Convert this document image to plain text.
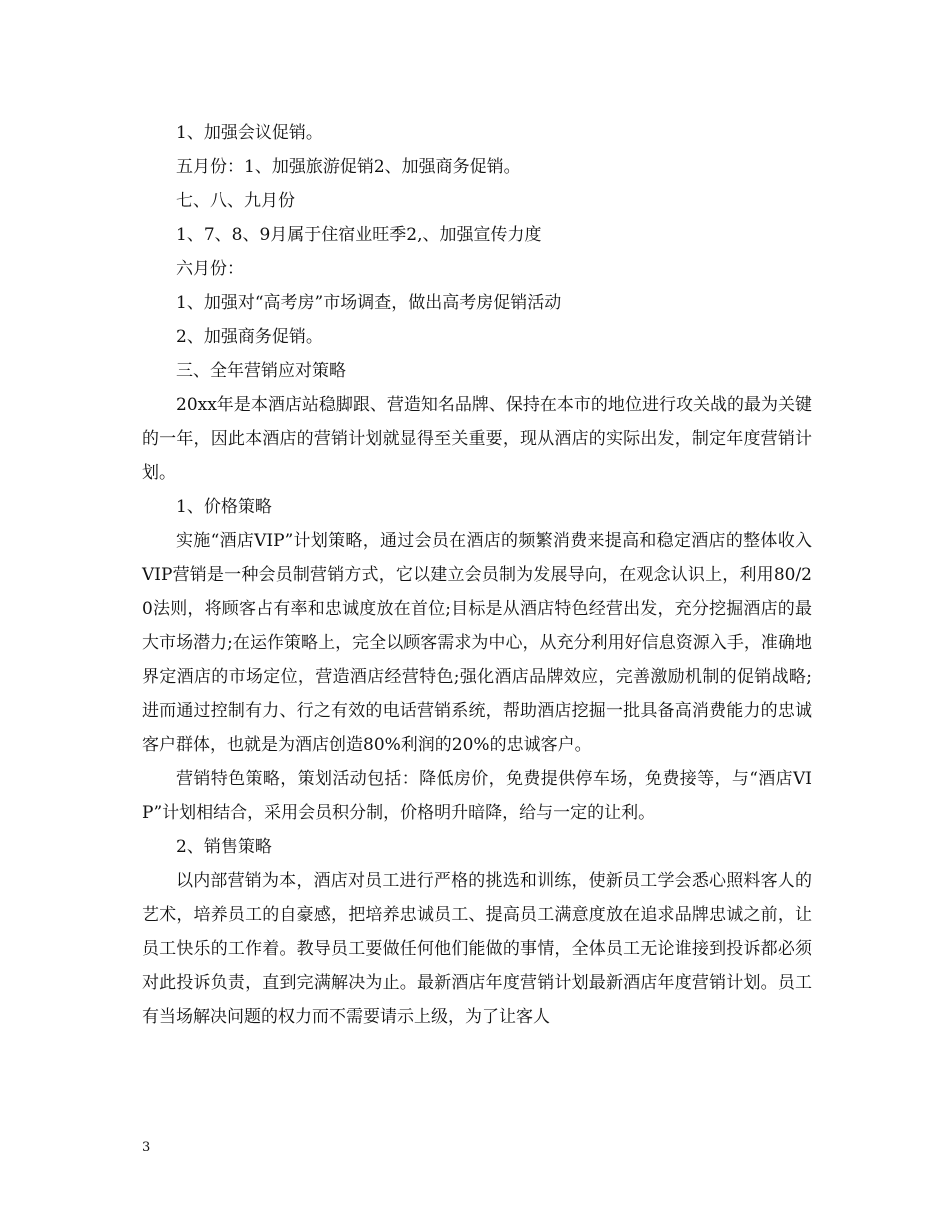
1、加强会议促销。

五月份：1、加强旅游促销2、加强商务促销。

七、八、九月份

1、7、8、9月属于住宿业旺季2,、加强宣传力度

六月份：

1、加强对“高考房”市场调查，做出高考房促销活动

2、加强商务促销。

三、全年营销应对策略

20xx年是本酒店站稳脚跟、营造知名品牌、保持在本市的地位进行攻关战的最为关键的一年，因此本酒店的营销计划就显得至关重要，现从酒店的实际出发，制定年度营销计划。

1、价格策略

实施“酒店VIP”计划策略，通过会员在酒店的频繁消费来提高和稳定酒店的整体收入VIP营销是一种会员制营销方式，它以建立会员制为发展导向，在观念认识上，利用80/20法则，将顾客占有率和忠诚度放在首位;目标是从酒店特色经营出发，充分挖掘酒店的最大市场潜力;在运作策略上，完全以顾客需求为中心，从充分利用好信息资源入手，准确地界定酒店的市场定位，营造酒店经营特色;强化酒店品牌效应，完善激励机制的促销战略;进而通过控制有力、行之有效的电话营销系统，帮助酒店挖掘一批具备高消费能力的忠诚客户群体，也就是为酒店创造80%利润的20%的忠诚客户。

营销特色策略，策划活动包括：降低房价，免费提供停车场，免费接等，与“酒店VIP”计划相结合，采用会员积分制，价格明升暗降，给与一定的让利。

2、销售策略

以内部营销为本，酒店对员工进行严格的挑选和训练，使新员工学会悉心照料客人的艺术，培养员工的自豪感，把培养忠诚员工、提高员工满意度放在追求品牌忠诚之前，让员工快乐的工作着。教导员工要做任何他们能做的事情，全体员工无论谁接到投诉都必须对此投诉负责，直到完满解决为止。最新酒店年度营销计划最新酒店年度营销计划。员工有当场解决问题的权力而不需要请示上级，为了让客人

3
